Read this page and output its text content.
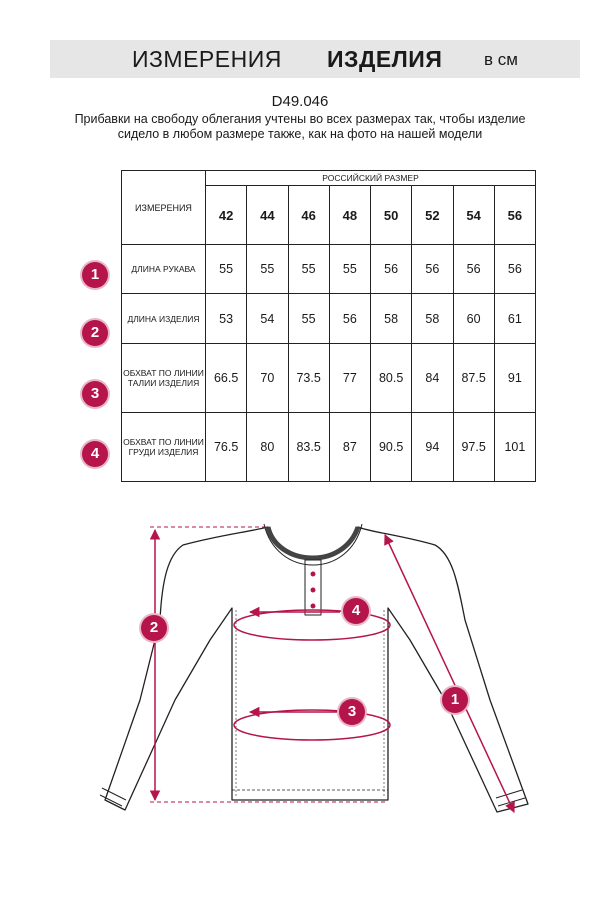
ИЗМЕРЕНИЯ ИЗДЕЛИЯ в см
D49.046
Прибавки на свободу облегания учтены во всех размерах так, чтобы изделие сидело в любом размере также, как на фото на нашей модели
ИЗМЕРЕНИЯ	РОССИЙСКИЙ РАЗМЕР							
	42	44	46	48	50	52	54	56
ДЛИНА РУКАВА	55	55	55	55	56	56	56	56
ДЛИНА ИЗДЕЛИЯ	53	54	55	56	58	58	60	61
ОБХВАТ ПО ЛИНИИ ТАЛИИ ИЗДЕЛИЯ	66.5	70	73.5	77	80.5	84	87.5	91
ОБХВАТ ПО ЛИНИИ ГРУДИ ИЗДЕЛИЯ	76.5	80	83.5	87	90.5	94	97.5	101
1
2
3
4
1
2
3
4
